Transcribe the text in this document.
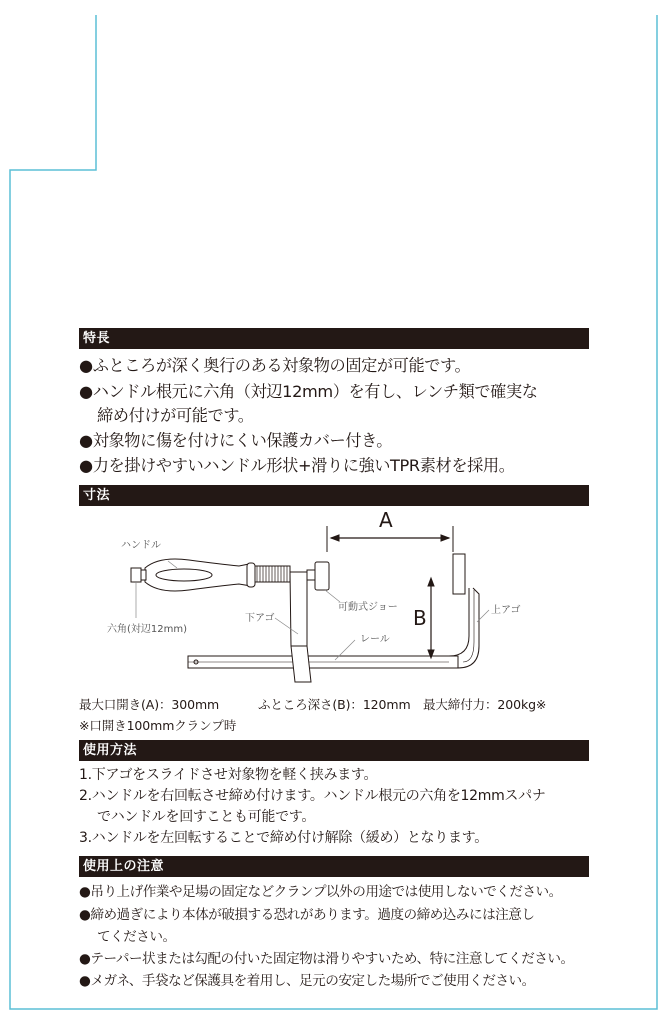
特長
●ふところが深く奥行のある対象物の固定が可能です。
●ハンドル根元に六角（対辺12mm）を有し、レンチ類で確実な
締め付けが可能です。
●対象物に傷を付けにくい保護カバー付き。
●力を掛けやすいハンドル形状+滑りに強いTPR素材を採用。
寸法
A
B
ハンドル
六角(対辺12mm)
下アゴ
可動式ジョー
レール
上アゴ
最大口開き(A)：300mm	ふところ深さ(B)：120mm 最大締付力：200kg※
※口開き100mmクランプ時
使用方法
1.下アゴをスライドさせ対象物を軽く挟みます。
2.ハンドルを右回転させ締め付けます。ハンドル根元の六角を12mmスパナ
でハンドルを回すことも可能です。
3.ハンドルを左回転することで締め付け解除（緩め）となります。
使用上の注意
●吊り上げ作業や足場の固定などクランプ以外の用途では使用しないでください。
●締め過ぎにより本体が破損する恐れがあります。過度の締め込みには注意し
てください。
●テーパー状または勾配の付いた固定物は滑りやすいため、特に注意してください。
●メガネ、手袋など保護具を着用し、足元の安定した場所でご使用ください。
